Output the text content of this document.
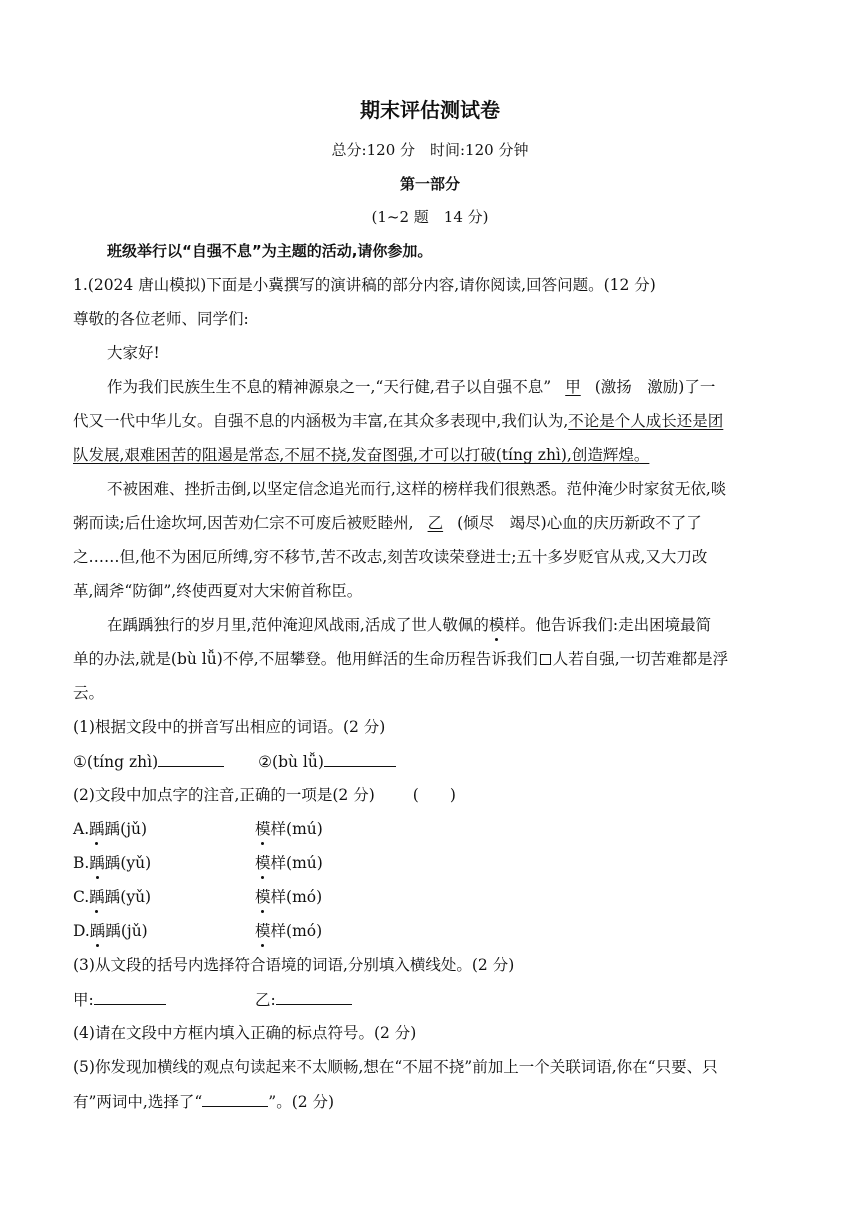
期末评估测试卷
总分:120 分　时间:120 分钟
第一部分
(1~2 题　14 分)
班级举行以“自强不息”为主题的活动,请你参加。
1.(2024 唐山模拟)下面是小冀撰写的演讲稿的部分内容,请你阅读,回答问题。(12 分)
尊敬的各位老师、同学们:
大家好!
作为我们民族生生不息的精神源泉之一,“天行健,君子以自强不息” 甲 (激扬　激励)了一
代又一代中华儿女。自强不息的内涵极为丰富,在其众多表现中,我们认为,不论是个人成长还是团
队发展,艰难困苦的阻遏是常态,不屈不挠,发奋图强,才可以打破(tíng zhì),创造辉煌。
不被困难、挫折击倒,以坚定信念追光而行,这样的榜样我们很熟悉。范仲淹少时家贫无依,啖
粥而读;后仕途坎坷,因苦劝仁宗不可废后被贬睦州, 乙 (倾尽　竭尽)心血的庆历新政不了了
之……但,他不为困厄所缚,穷不移节,苦不改志,刻苦攻读荣登进士;五十多岁贬官从戎,又大刀改
革,阔斧“防御”,终使西夏对大宋俯首称臣。
在踽踽独行的岁月里,范仲淹迎风战雨,活成了世人敬佩的模样。他告诉我们:走出困境最简
单的办法,就是(bù lǚ)不停,不屈攀登。他用鲜活的生命历程告诉我们 人若自强,一切苦难都是浮
云。
(1)根据文段中的拼音写出相应的词语。(2 分)
①(tíng zhì)	②(bù lǚ)
(2)文段中加点字的注音,正确的一项是(2 分) (　　)
A.踽踽(jǔ)	模样(mú)
B.踽踽(yǔ)	模样(mú)
C.踽踽(yǔ)	模样(mó)
D.踽踽(jǔ)	模样(mó)
(3)从文段的括号内选择符合语境的词语,分别填入横线处。(2 分)
甲:	乙:
(4)请在文段中方框内填入正确的标点符号。(2 分)
(5)你发现加横线的观点句读起来不太顺畅,想在“不屈不挠”前加上一个关联词语,你在“只要、只
有”两词中,选择了“	”。(2 分)
